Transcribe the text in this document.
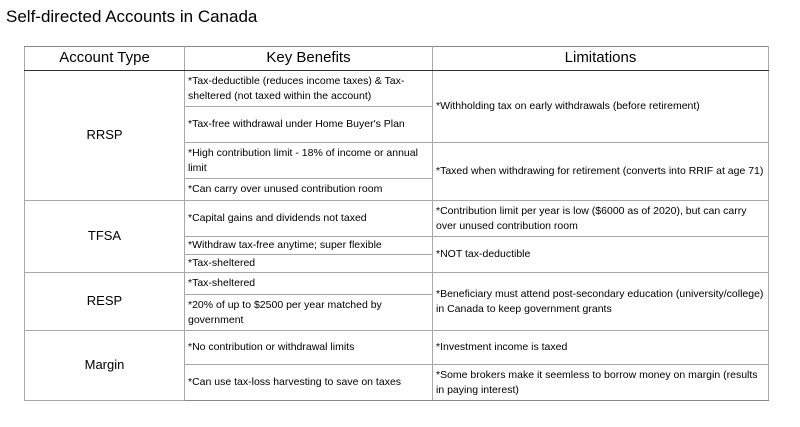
Self-directed Accounts in Canada
Account Type	Key Benefits	Limitations
RRSP	*Tax-deductible (reduces income taxes) & Tax-sheltered (not taxed within the account)	*Withholding tax on early withdrawals (before retirement)
	*Tax-free withdrawal under Home Buyer's Plan	
	*High contribution limit - 18% of income or annual limit	*Taxed when withdrawing for retirement (converts into RRIF at age 71)
	*Can carry over unused contribution room	
TFSA	*Capital gains and dividends not taxed	*Contribution limit per year is low ($6000 as of 2020), but can carry over unused contribution room
	*Withdraw tax-free anytime; super flexible	*NOT tax-deductible
	*Tax-sheltered	
RESP	*Tax-sheltered	*Beneficiary must attend post-secondary education (university/college) in Canada to keep government grants
	*20% of up to $2500 per year matched by government	
Margin	*No contribution or withdrawal limits	*Investment income is taxed
	*Can use tax-loss harvesting to save on taxes	*Some brokers make it seemless to borrow money on margin (results in paying interest)
